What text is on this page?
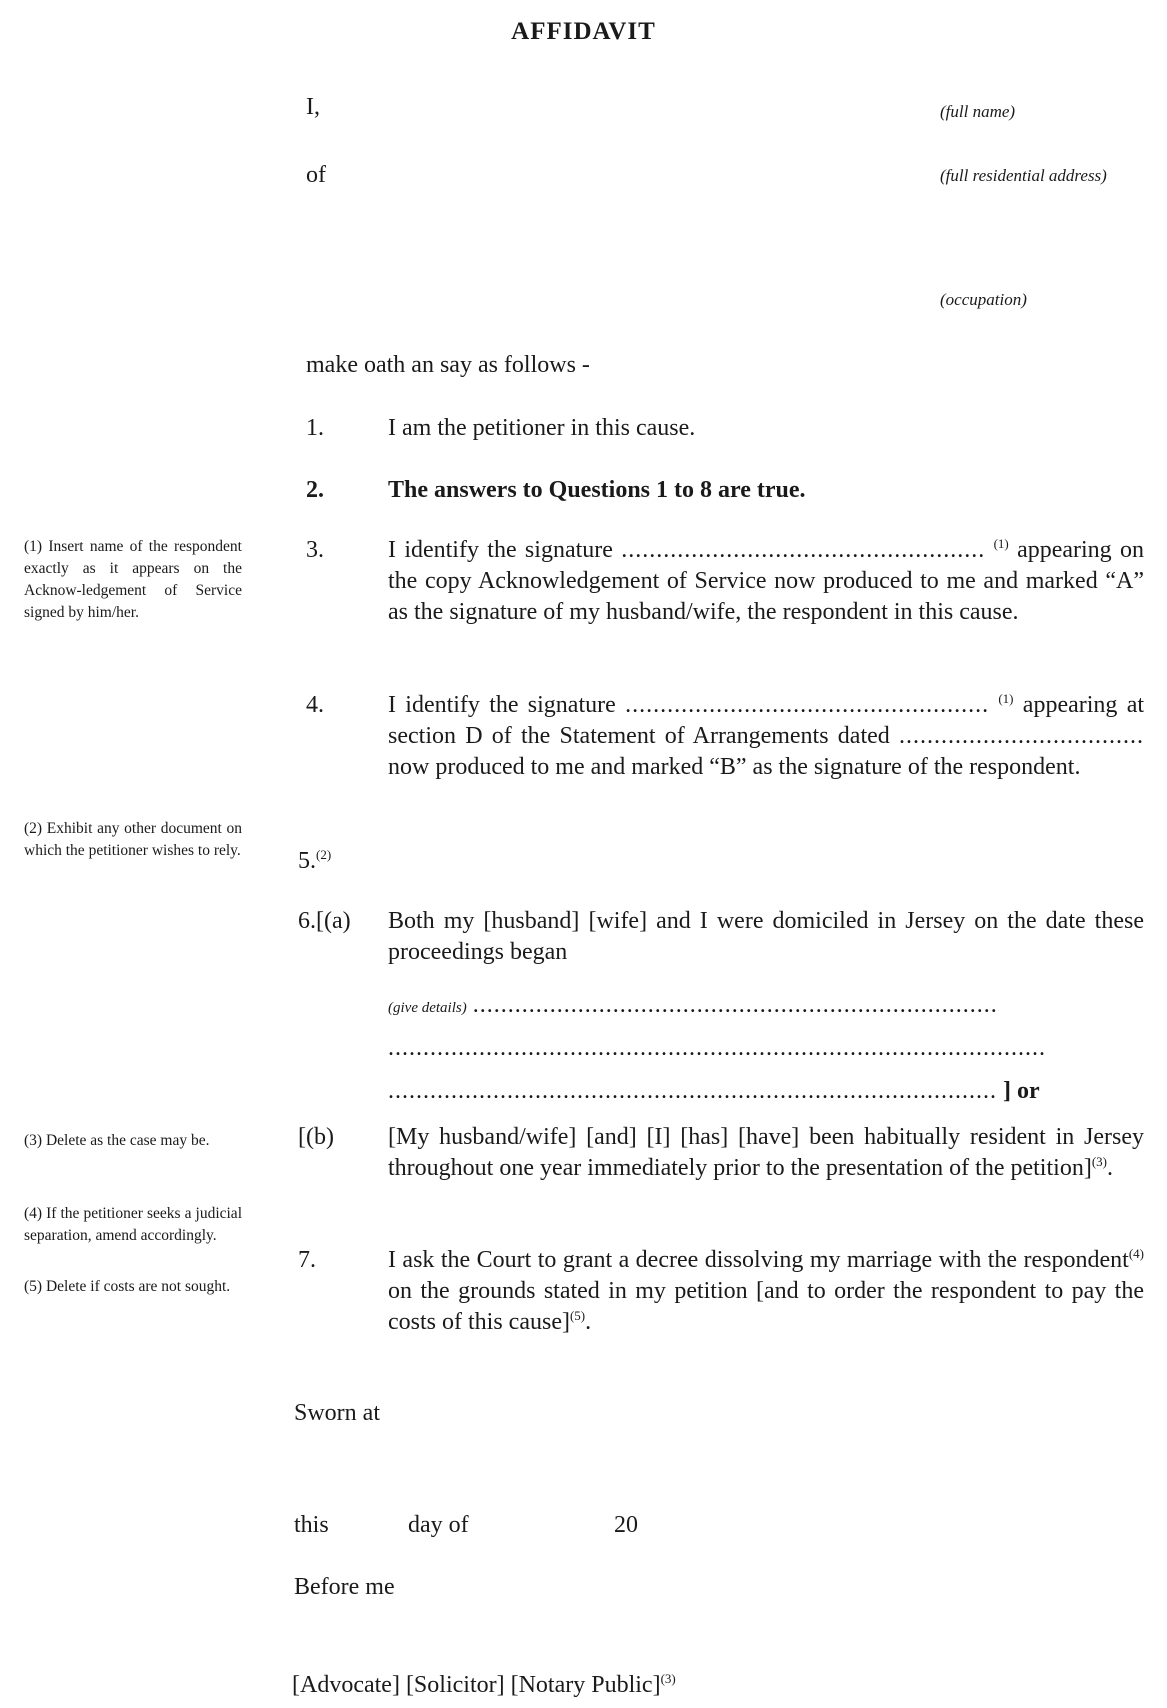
AFFIDAVIT
I,	(full name)
of	(full residential address)
(occupation)
make oath an say as follows -
(1) Insert name of the respondent exactly as it appears on the Acknow-ledgement of Service signed by him/her.
(2) Exhibit any other document on which the petitioner wishes to rely.
(3) Delete as the case may be.
(4) If the petitioner seeks a judicial separation, amend accordingly.
(5) Delete if costs are not sought.
1.	I am the petitioner in this cause.
2.	The answers to Questions 1 to 8 are true.
3.	I identify the signature .................................................... $^{(1)}$ appearing on the copy Acknowledgement of Service now produced to me and marked “A” as the signature of my husband/wife, the respondent in this cause.
4.	I identify the signature .................................................... $^{(1)}$ appearing at section D of the Statement of Arrangements dated ................................... now produced to me and marked “B” as the signature of the respondent.
5.$^{(2)}$
6.[(a) Both my [husband] [wife] and I were domiciled in Jersey on the date these proceedings began
(give details) ...........................................................................
..............................................................................................
....................................................................................... ] or
[(b) [My husband/wife] [and] [I] [has] [have] been habitually resident in Jersey throughout one year immediately prior to the presentation of the petition]$^{(3)}$.
7.	I ask the Court to grant a decree dissolving my marriage with the respondent$^{(4)}$ on the grounds stated in my petition [and to order the respondent to pay the costs of this cause]$^{(5)}$.
Sworn at
this	day of	20
Before me
[Advocate] [Solicitor] [Notary Public]$^{(3)}$
